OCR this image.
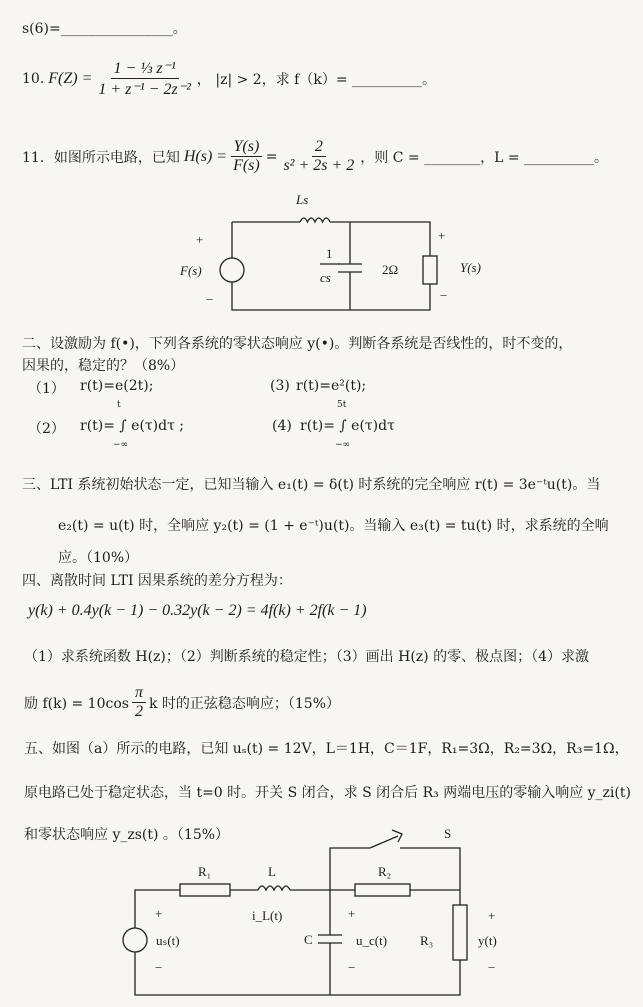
s(6)=________________。
10. $F(Z) = \frac{\text{1 − ⅓ z⁻¹}}{\text{1 + z⁻¹ − 2z⁻²}}$ ， |z| > 2，求 f（k）= __________。
11．如图所示电路，已知 $H(s) = \frac{Y(s)}{F(s)} = \frac{2}{\text{s² + 2s + 2}}$ ，则 C = ________，L = __________。
Ls
1
cs
2Ω
+
F(s)
−
+
Y(s)
−
R₁	L
i_L(t)
C
+
u_c(t)
−
R₂
R₃
S
+
uₛ(t)
−
+
y(t)
−
二、设激励为 f(•)，下列各系统的零状态响应 y(•)。判断各系统是否线性的，时不变的，
因果的，稳定的？（8%）
（1） r(t)=e(2t);	(3) r(t)=e²(t);
（2）
t
r(t)= ∫ e(τ)dτ ;
−∞
(4)
5t
r(t)= ∫ e(τ)dτ
−∞
三、LTI 系统初始状态一定，已知当输入 e₁(t) = δ(t) 时系统的完全响应 r(t) = 3e⁻ᵗu(t)。当
e₂(t) = u(t) 时，全响应 y₂(t) = (1 + e⁻ᵗ)u(t)。当输入 e₃(t) = tu(t) 时，求系统的全响
应。（10%）
四、离散时间 LTI 因果系统的差分方程为：
y(k) + 0.4y(k − 1) − 0.32y(k − 2) = 4f(k) + 2f(k − 1)
（1）求系统函数 H(z)；（2）判断系统的稳定性；（3）画出 H(z) 的零、极点图；（4）求激
励 $f(k) = 10\cos \frac{\pi}{2}$ k 时的正弦稳态响应；（15%）
五、如图（a）所示的电路，已知 uₛ(t) = 12V，L＝1H，C＝1F，R₁=3Ω，R₂=3Ω，R₃=1Ω，
原电路已处于稳定状态，当 t=0 时。开关 S 闭合，求 S 闭合后 R₃ 两端电压的零输入响应 y_zi(t)
和零状态响应 y_zs(t) 。（15%）
